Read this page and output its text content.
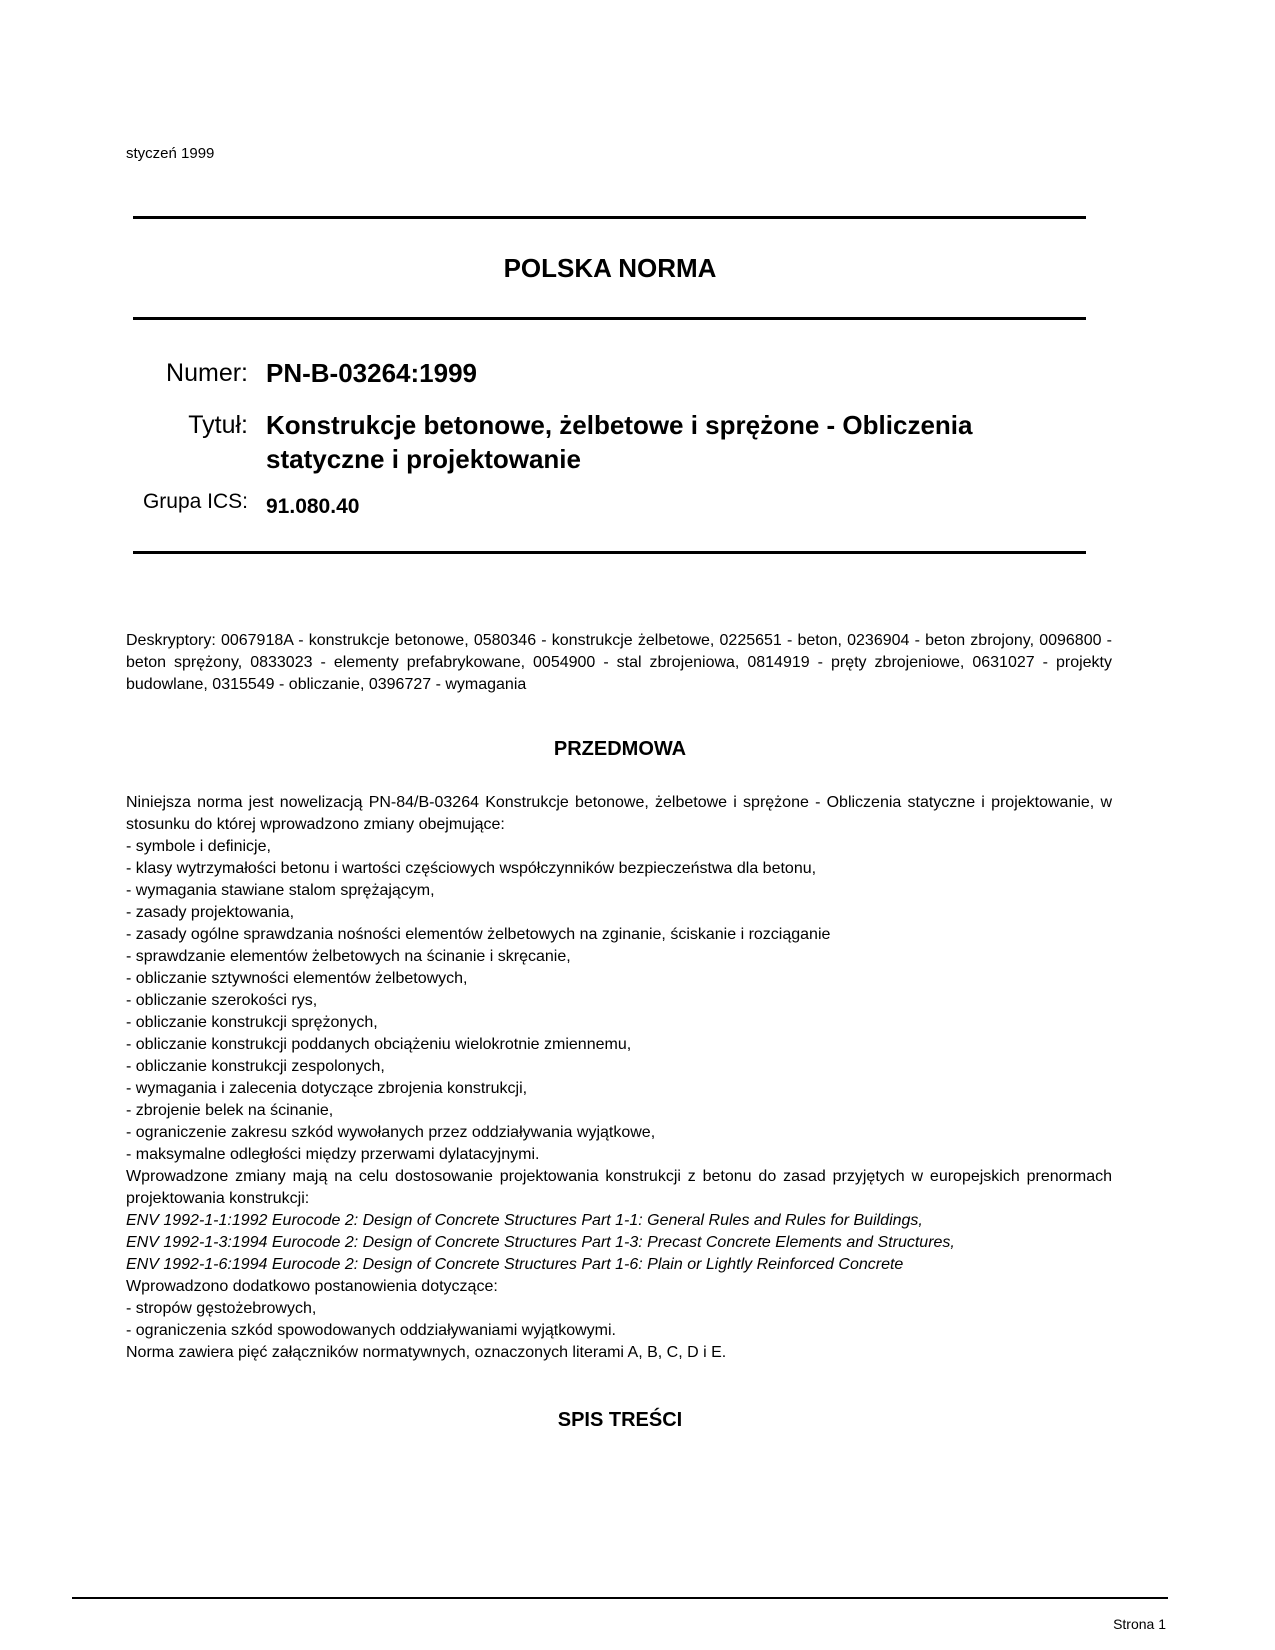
styczeń 1999
POLSKA NORMA
Numer: PN-B-03264:1999
Tytuł: Konstrukcje betonowe, żelbetowe i sprężone - Obliczenia statyczne i projektowanie
Grupa ICS: 91.080.40
Deskryptory: 0067918A - konstrukcje betonowe, 0580346 - konstrukcje żelbetowe, 0225651 - beton, 0236904 - beton zbrojony, 0096800 - beton sprężony, 0833023 - elementy prefabrykowane, 0054900 - stal zbrojeniowa, 0814919 - pręty zbrojeniowe, 0631027 - projekty budowlane, 0315549 - obliczanie, 0396727 - wymagania
PRZEDMOWA

Niniejsza norma jest nowelizacją PN-84/B-03264 Konstrukcje betonowe, żelbetowe i sprężone - Obliczenia statyczne i projektowanie, w stosunku do której wprowadzono zmiany obejmujące:

- symbole i definicje,
- klasy wytrzymałości betonu i wartości częściowych współczynników bezpieczeństwa dla betonu,
- wymagania stawiane stalom sprężającym,
- zasady projektowania,
- zasady ogólne sprawdzania nośności elementów żelbetowych na zginanie, ściskanie i rozciąganie
- sprawdzanie elementów żelbetowych na ścinanie i skręcanie,
- obliczanie sztywności elementów żelbetowych,
- obliczanie szerokości rys,
- obliczanie konstrukcji sprężonych,
- obliczanie konstrukcji poddanych obciążeniu wielokrotnie zmiennemu,
- obliczanie konstrukcji zespolonych,
- wymagania i zalecenia dotyczące zbrojenia konstrukcji,
- zbrojenie belek na ścinanie,
- ograniczenie zakresu szkód wywołanych przez oddziaływania wyjątkowe,
- maksymalne odległości między przerwami dylatacyjnymi.

Wprowadzone zmiany mają na celu dostosowanie projektowania konstrukcji z betonu do zasad przyjętych w europejskich prenormach projektowania konstrukcji:

ENV 1992-1-1:1992 Eurocode 2: Design of Concrete Structures Part 1-1: General Rules and Rules for Buildings,
ENV 1992-1-3:1994 Eurocode 2: Design of Concrete Structures Part 1-3: Precast Concrete Elements and Structures,
ENV 1992-1-6:1994 Eurocode 2: Design of Concrete Structures Part 1-6: Plain or Lightly Reinforced Concrete

Wprowadzono dodatkowo postanowienia dotyczące:

- stropów gęstożebrowych,
- ograniczenia szkód spowodowanych oddziaływaniami wyjątkowymi.

Norma zawiera pięć załączników normatywnych, oznaczonych literami A, B, C, D i E.

SPIS TREŚCI
Strona 1
